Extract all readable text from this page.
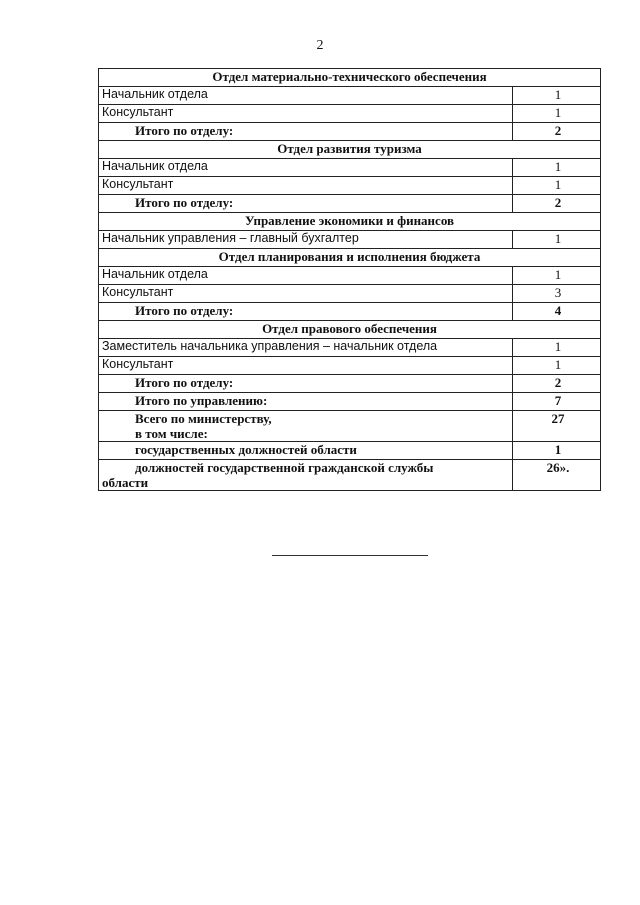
2
Отдел материально-технического обеспечения	
Начальник отдела	1
Консультант	1
Итого по отделу:	2
Отдел развития туризма	
Начальник отдела	1
Консультант	1
Итого по отделу:	2
Управление экономики и финансов	
Начальник управления – главный бухгалтер	1
Отдел планирования и исполнения бюджета	
Начальник отдела	1
Консультант	3
Итого по отделу:	4
Отдел правового обеспечения	
Заместитель начальника управления – начальник отдела	1
Консультант	1
Итого по отделу:	2
Итого по управлению:	7

Всего по министерству,
в том числе:	27
государственных должностей области	1

должностей государственной гражданской службы
области	26».
